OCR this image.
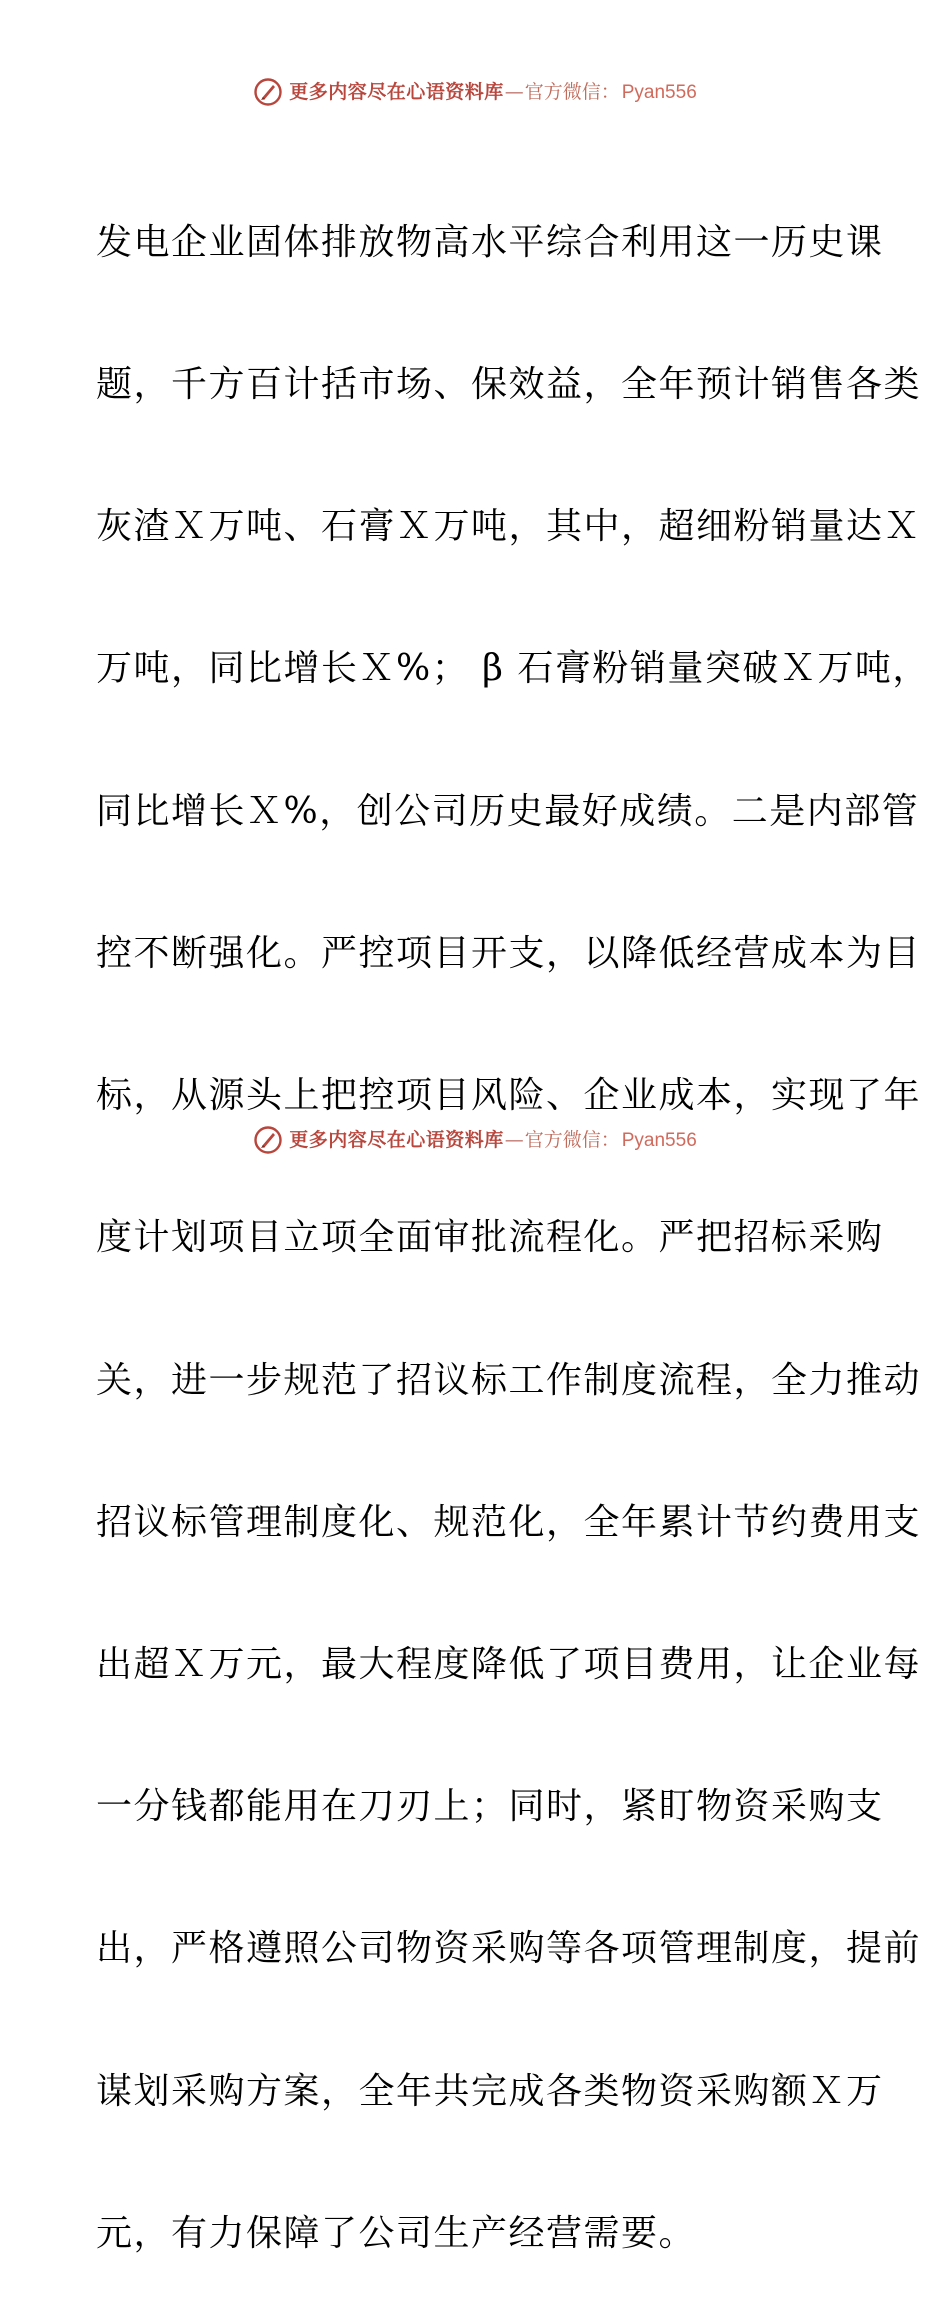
更多内容尽在心语资料库 — 官方微信： Pyan556

发电企业固体排放物高水平综合利用这一历史课

题，千方百计括市场、保效益，全年预计销售各类

灰渣Ｘ万吨、石膏Ｘ万吨，其中，超细粉销量达Ｘ

万吨，同比增长Ｘ%； β 石膏粉销量突破Ｘ万吨，

同比增长Ｘ%，创公司历史最好成绩。二是内部管

控不断强化。严控项目开支，以降低经营成本为目

标，从源头上把控项目风险、企业成本，实现了年

度计划项目立项全面审批流程化。严把招标采购

关，进一步规范了招议标工作制度流程，全力推动

招议标管理制度化、规范化，全年累计节约费用支

出超Ｘ万元，最大程度降低了项目费用，让企业每

一分钱都能用在刀刃上；同时，紧盯物资采购支

出，严格遵照公司物资采购等各项管理制度，提前

谋划采购方案，全年共完成各类物资采购额Ｘ万

元，有力保障了公司生产经营需要。

更多内容尽在心语资料库 — 官方微信： Pyan556
